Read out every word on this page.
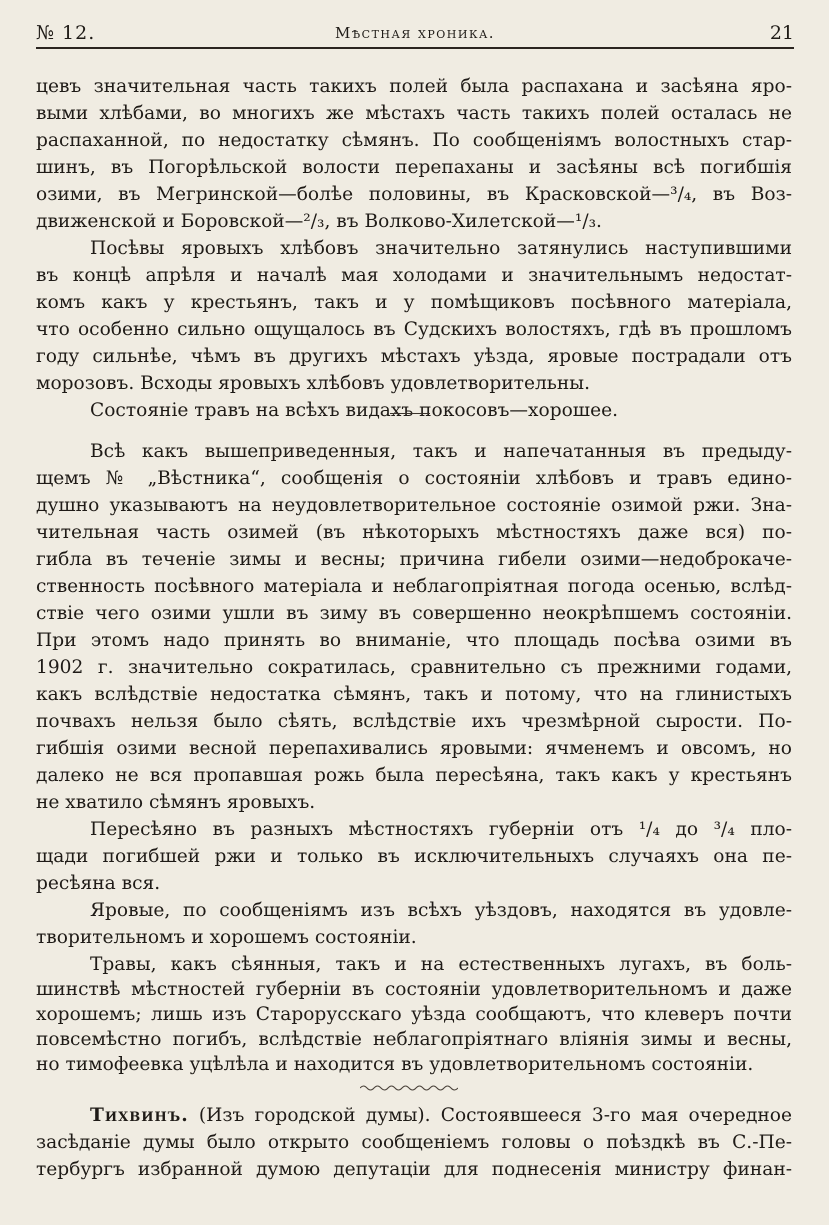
№ 12.	Мѣстная хроника.	21
цевъ значительная часть такихъ полей была распахана и засѣяна яро-
выми хлѣбами, во многихъ же мѣстахъ часть такихъ полей осталась не
распаханной, по недостатку сѣмянъ. По сообщеніямъ волостныхъ стар-
шинъ, въ Погорѣльской волости перепаханы и засѣяны всѣ погибшія
озими, въ Мегринской—болѣе половины, въ Красковской—³/₄, въ Воз-
движенской и Боровской—²/₃, въ Волково-Хилетской—¹/₃.
Посѣвы яровыхъ хлѣбовъ значительно затянулись наступившими
въ концѣ апрѣля и началѣ мая холодами и значительнымъ недостат-
комъ какъ у крестьянъ, такъ и у помѣщиковъ посѣвного матеріала,
что особенно сильно ощущалось въ Судскихъ волостяхъ, гдѣ въ прошломъ
году сильнѣе, чѣмъ въ другихъ мѣстахъ уѣзда, яровые пострадали отъ
морозовъ. Всходы яровыхъ хлѣбовъ удовлетворительны.
Состояніе травъ на всѣхъ видахъ покосовъ—хорошее.
Всѣ какъ вышеприведенныя, такъ и напечатанныя въ предыду-
щемъ № „Вѣстника“, сообщенія о состояніи хлѣбовъ и травъ едино-
душно указываютъ на неудовлетворительное состояніе озимой ржи. Зна-
чительная часть озимей (въ нѣкоторыхъ мѣстностяхъ даже вся) по-
гибла въ теченіе зимы и весны; причина гибели озими—недоброкаче-
ственность посѣвного матеріала и неблагопріятная погода осенью, вслѣд-
ствіе чего озими ушли въ зиму въ совершенно неокрѣпшемъ состояніи.
При этомъ надо принять во вниманіе, что площадь посѣва озими въ
1902 г. значительно сократилась, сравнительно съ прежними годами,
какъ вслѣдствіе недостатка сѣмянъ, такъ и потому, что на глинистыхъ
почвахъ нельзя было сѣять, вслѣдствіе ихъ чрезмѣрной сырости. По-
гибшія озими весной перепахивались яровыми: ячменемъ и овсомъ, но
далеко не вся пропавшая рожь была пересѣяна, такъ какъ у крестьянъ
не хватило сѣмянъ яровыхъ.
Пересѣяно въ разныхъ мѣстностяхъ губерніи отъ ¹/₄ до ³/₄ пло-
щади погибшей ржи и только въ исключительныхъ случаяхъ она пе-
ресѣяна вся.
Яровые, по сообщеніямъ изъ всѣхъ уѣздовъ, находятся въ удовле-
творительномъ и хорошемъ состояніи.
Травы, какъ сѣянныя, такъ и на естественныхъ лугахъ, въ боль-
шинствѣ мѣстностей губерніи въ состояніи удовлетворительномъ и даже
хорошемъ; лишь изъ Старорусскаго уѣзда сообщаютъ, что клеверъ почти
повсемѣстно погибъ, вслѣдствіе неблагопріятнаго вліянія зимы и весны,
Тихвинъ. (Изъ городской думы). Состоявшееся 3-го мая очередное
засѣданіе думы было открыто сообщеніемъ головы о поѣздкѣ въ С.-Пе-
тербургъ избранной думою депутаціи для поднесенія министру финан-
но тимофеевка уцѣлѣла и находится въ удовлетворительномъ состояніи.
